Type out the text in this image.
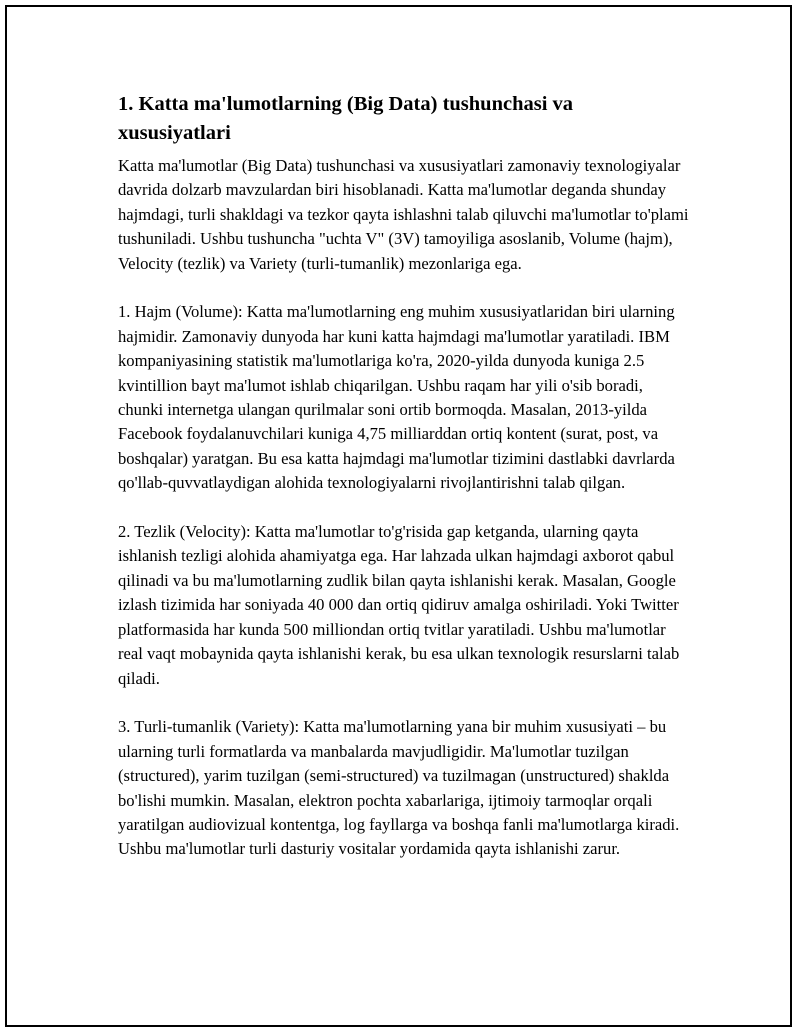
1. Katta ma'lumotlarning (Big Data) tushunchasi va xususiyatlari

Katta ma'lumotlar (Big Data) tushunchasi va xususiyatlari zamonaviy texnologiyalar davrida dolzarb mavzulardan biri hisoblanadi. Katta ma'lumotlar deganda shunday hajmdagi, turli shakldagi va tezkor qayta ishlashni talab qiluvchi ma'lumotlar to'plami tushuniladi. Ushbu tushuncha "uchta V" (3V) tamoyiliga asoslanib, Volume (hajm), Velocity (tezlik) va Variety (turli-tumanlik) mezonlariga ega.

1. Hajm (Volume): Katta ma'lumotlarning eng muhim xususiyatlaridan biri ularning hajmidir. Zamonaviy dunyoda har kuni katta hajmdagi ma'lumotlar yaratiladi. IBM kompaniyasining statistik ma'lumotlariga ko'ra, 2020-yilda dunyoda kuniga 2.5 kvintillion bayt ma'lumot ishlab chiqarilgan. Ushbu raqam har yili o'sib boradi, chunki internetga ulangan qurilmalar soni ortib bormoqda. Masalan, 2013-yilda Facebook foydalanuvchilari kuniga 4,75 milliarddan ortiq kontent (surat, post, va boshqalar) yaratgan. Bu esa katta hajmdagi ma'lumotlar tizimini dastlabki davrlarda qo'llab-quvvatlaydigan alohida texnologiyalarni rivojlantirishni talab qilgan.

2. Tezlik (Velocity): Katta ma'lumotlar to'g'risida gap ketganda, ularning qayta ishlanish tezligi alohida ahamiyatga ega. Har lahzada ulkan hajmdagi axborot qabul qilinadi va bu ma'lumotlarning zudlik bilan qayta ishlanishi kerak. Masalan, Google izlash tizimida har soniyada 40 000 dan ortiq qidiruv amalga oshiriladi. Yoki Twitter platformasida har kunda 500 milliondan ortiq tvitlar yaratiladi. Ushbu ma'lumotlar real vaqt mobaynida qayta ishlanishi kerak, bu esa ulkan texnologik resurslarni talab qiladi.

3. Turli-tumanlik (Variety): Katta ma'lumotlarning yana bir muhim xususiyati – bu ularning turli formatlarda va manbalarda mavjudligidir. Ma'lumotlar tuzilgan (structured), yarim tuzilgan (semi-structured) va tuzilmagan (unstructured) shaklda bo'lishi mumkin. Masalan, elektron pochta xabarlariga, ijtimoiy tarmoqlar orqali yaratilgan audiovizual kontentga, log fayllarga va boshqa fanli ma'lumotlarga kiradi. Ushbu ma'lumotlar turli dasturiy vositalar yordamida qayta ishlanishi zarur.
